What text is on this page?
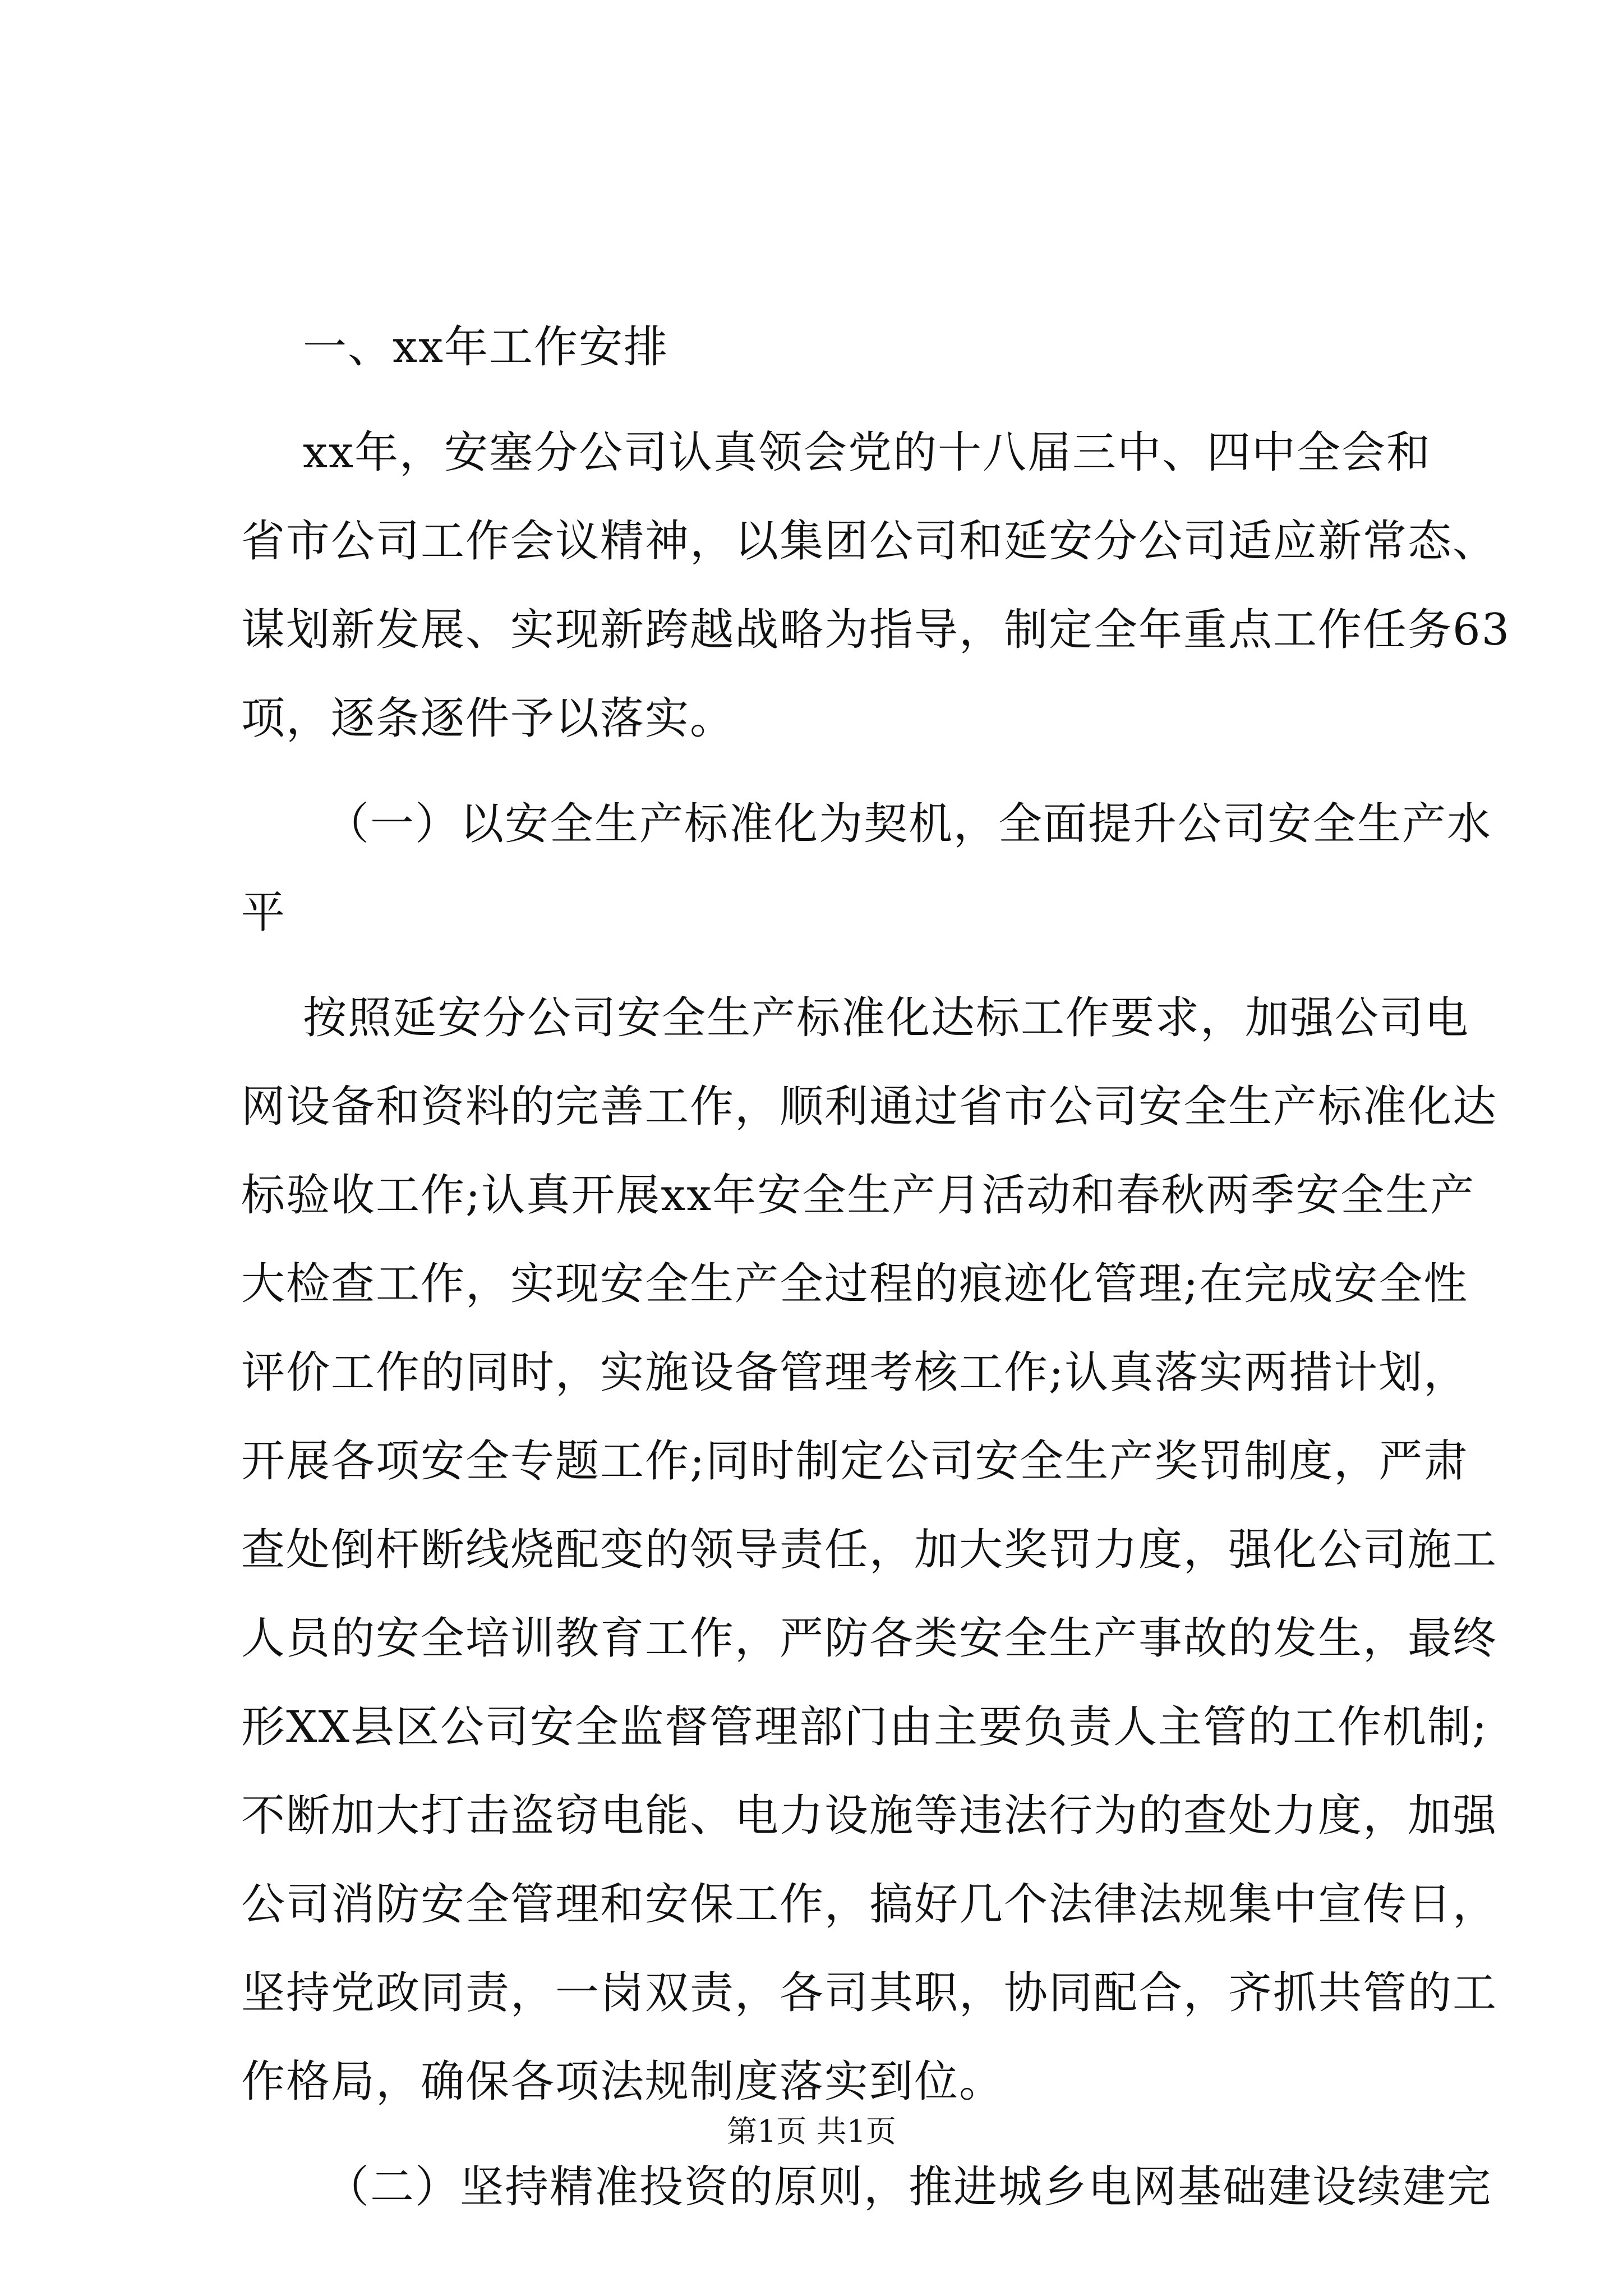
一、xx年工作安排
xx年，安塞分公司认真领会党的十八届三中、四中全会和
省市公司工作会议精神，以集团公司和延安分公司适应新常态、
谋划新发展、实现新跨越战略为指导，制定全年重点工作任务63
项，逐条逐件予以落实。
（一）以安全生产标准化为契机，全面提升公司安全生产水
平
按照延安分公司安全生产标准化达标工作要求，加强公司电
网设备和资料的完善工作，顺利通过省市公司安全生产标准化达
标验收工作;认真开展xx年安全生产月活动和春秋两季安全生产
大检查工作，实现安全生产全过程的痕迹化管理;在完成安全性
评价工作的同时，实施设备管理考核工作;认真落实两措计划，
开展各项安全专题工作;同时制定公司安全生产奖罚制度，严肃
查处倒杆断线烧配变的领导责任，加大奖罚力度，强化公司施工
人员的安全培训教育工作，严防各类安全生产事故的发生，最终
形XX县区公司安全监督管理部门由主要负责人主管的工作机制;
不断加大打击盗窃电能、电力设施等违法行为的查处力度，加强
公司消防安全管理和安保工作，搞好几个法律法规集中宣传日，
坚持党政同责，一岗双责，各司其职，协同配合，齐抓共管的工
作格局，确保各项法规制度落实到位。
（二）坚持精准投资的原则，推进城乡电网基础建设续建完
第1页 共1页
